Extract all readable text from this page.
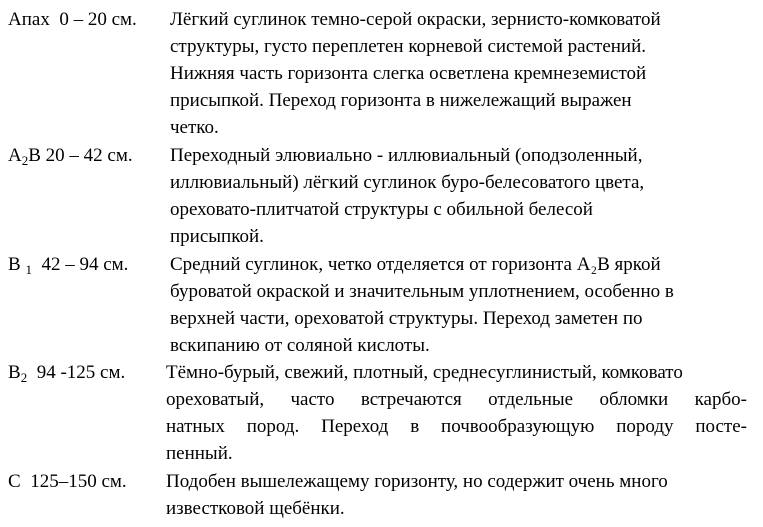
Апах 0 – 20 см. Лёгкий суглинок темно-серой окраски, зернисто-комковатой
структуры, густо переплетен корневой системой растений.
Нижняя часть горизонта слегка осветлена кремнеземистой
присыпкой. Переход горизонта в нижележащий выражен
четко.
$A_2B$ 20 – 42 см. Переходный элювиально - иллювиальный (оподзоленный,
иллювиальный) лёгкий суглинок буро-белесоватого цвета,
ореховато-плитчатой структуры с обильной белесой
присыпкой.
B $_1$ 42 – 94 см. Средний суглинок, четко отделяется от горизонта A₂B яркой
буроватой окраской и значительным уплотнением, особенно в
верхней части, ореховатой структуры. Переход заметен по
вскипанию от соляной кислоты.
$B_2$ 94 -125 см. Тёмно-бурый, свежий, плотный, среднесуглинистый, комковато
ореховатый, часто встречаются отдельные обломки карбо-
натных пород. Переход в почвообразующую породу посте-
пенный.
C 125–150 см. Подобен вышележащему горизонту, но содержит очень много
известковой щебёнки.
